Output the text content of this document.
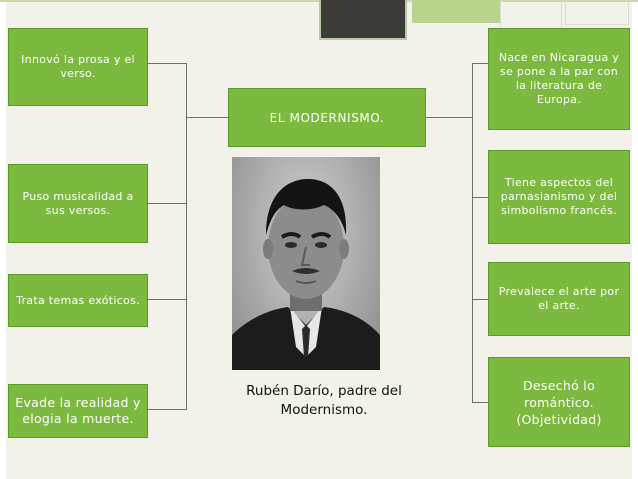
EL MODERNISMO.
Innovó la prosa y el verso.
Puso musicalidad a sus versos.
Trata temas exóticos.
Evade la realidad y elogia la muerte.
Nace en Nicaragua y se pone a la par con la literatura de Europa.
Tiene aspectos del parnasianismo y del simbolismo francés.
Prevalece el arte por el arte.
Desechó lo romántico. (Objetividad)
Rubén Darío, padre del Modernismo.
